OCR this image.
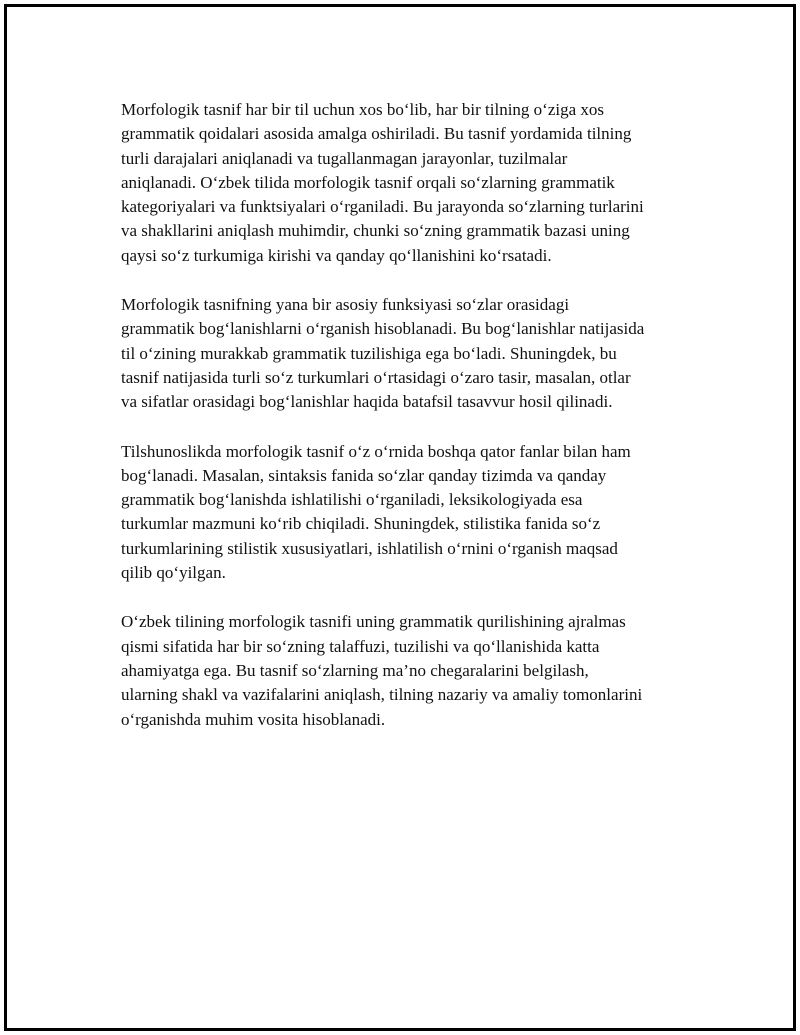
Morfologik tasnif har bir til uchun xos bo‘lib, har bir tilning o‘ziga xos
grammatik qoidalari asosida amalga oshiriladi. Bu tasnif yordamida tilning
turli darajalari aniqlanadi va tugallanmagan jarayonlar, tuzilmalar
aniqlanadi. O‘zbek tilida morfologik tasnif orqali so‘zlarning grammatik
kategoriyalari va funktsiyalari o‘rganiladi. Bu jarayonda so‘zlarning turlarini
va shakllarini aniqlash muhimdir, chunki so‘zning grammatik bazasi uning
qaysi so‘z turkumiga kirishi va qanday qo‘llanishini ko‘rsatadi.

Morfologik tasnifning yana bir asosiy funksiyasi so‘zlar orasidagi
grammatik bog‘lanishlarni o‘rganish hisoblanadi. Bu bog‘lanishlar natijasida
til o‘zining murakkab grammatik tuzilishiga ega bo‘ladi. Shuningdek, bu
tasnif natijasida turli so‘z turkumlari o‘rtasidagi o‘zaro tasir, masalan, otlar
va sifatlar orasidagi bog‘lanishlar haqida batafsil tasavvur hosil qilinadi.

Tilshunoslikda morfologik tasnif o‘z o‘rnida boshqa qator fanlar bilan ham
bog‘lanadi. Masalan, sintaksis fanida so‘zlar qanday tizimda va qanday
grammatik bog‘lanishda ishlatilishi o‘rganiladi, leksikologiyada esa
turkumlar mazmuni ko‘rib chiqiladi. Shuningdek, stilistika fanida so‘z
turkumlarining stilistik xususiyatlari, ishlatilish o‘rnini o‘rganish maqsad
qilib qo‘yilgan.

O‘zbek tilining morfologik tasnifi uning grammatik qurilishining ajralmas
qismi sifatida har bir so‘zning talaffuzi, tuzilishi va qo‘llanishida katta
ahamiyatga ega. Bu tasnif so‘zlarning ma’no chegaralarini belgilash,
ularning shakl va vazifalarini aniqlash, tilning nazariy va amaliy tomonlarini
o‘rganishda muhim vosita hisoblanadi.
